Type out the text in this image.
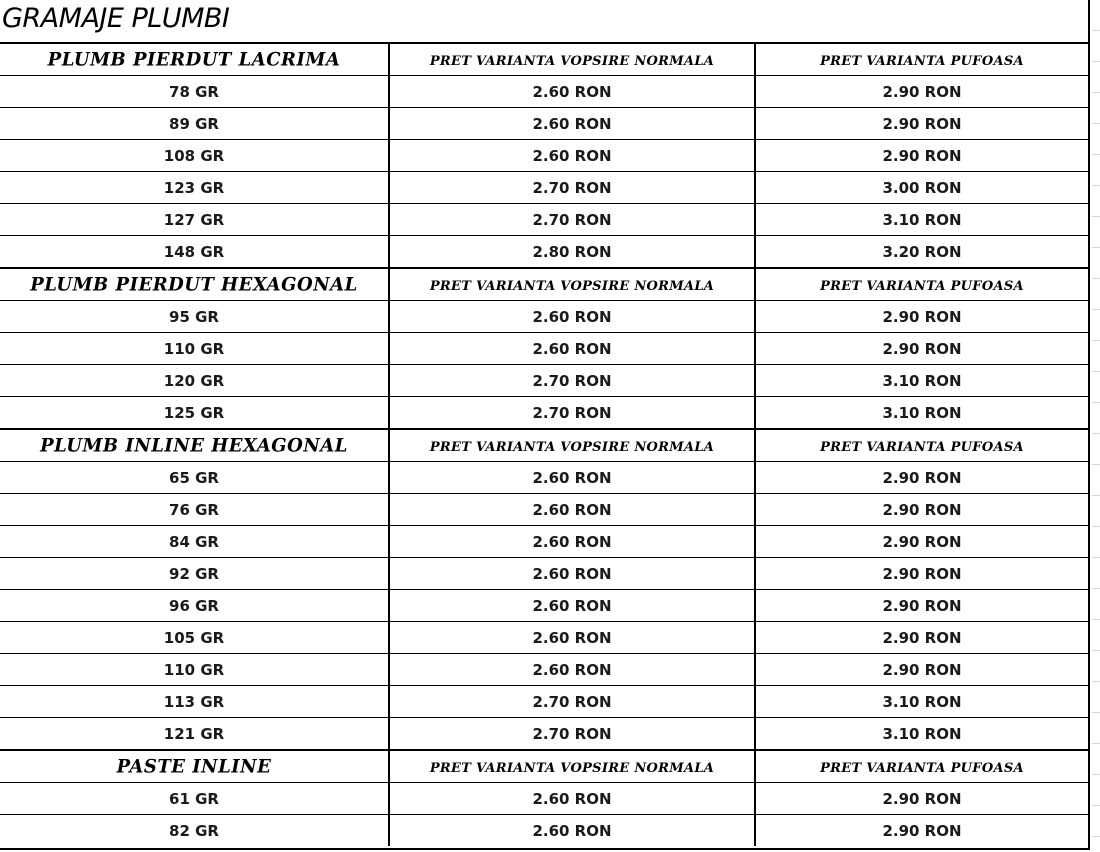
GRAMAJE PLUMBI
PLUMB PIERDUT LACRIMA	PRET VARIANTA VOPSIRE NORMALA	PRET VARIANTA PUFOASA
78 GR	2.60 RON	2.90 RON
89 GR	2.60 RON	2.90 RON
108 GR	2.60 RON	2.90 RON
123 GR	2.70 RON	3.00 RON
127 GR	2.70 RON	3.10 RON
148 GR	2.80 RON	3.20 RON
PLUMB PIERDUT HEXAGONAL	PRET VARIANTA VOPSIRE NORMALA	PRET VARIANTA PUFOASA
95 GR	2.60 RON	2.90 RON
110 GR	2.60 RON	2.90 RON
120 GR	2.70 RON	3.10 RON
125 GR	2.70 RON	3.10 RON
PLUMB INLINE HEXAGONAL	PRET VARIANTA VOPSIRE NORMALA	PRET VARIANTA PUFOASA
65 GR	2.60 RON	2.90 RON
76 GR	2.60 RON	2.90 RON
84 GR	2.60 RON	2.90 RON
92 GR	2.60 RON	2.90 RON
96 GR	2.60 RON	2.90 RON
105 GR	2.60 RON	2.90 RON
110 GR	2.60 RON	2.90 RON
113 GR	2.70 RON	3.10 RON
121 GR	2.70 RON	3.10 RON
PASTE INLINE	PRET VARIANTA VOPSIRE NORMALA	PRET VARIANTA PUFOASA
61 GR	2.60 RON	2.90 RON
82 GR	2.60 RON	2.90 RON
